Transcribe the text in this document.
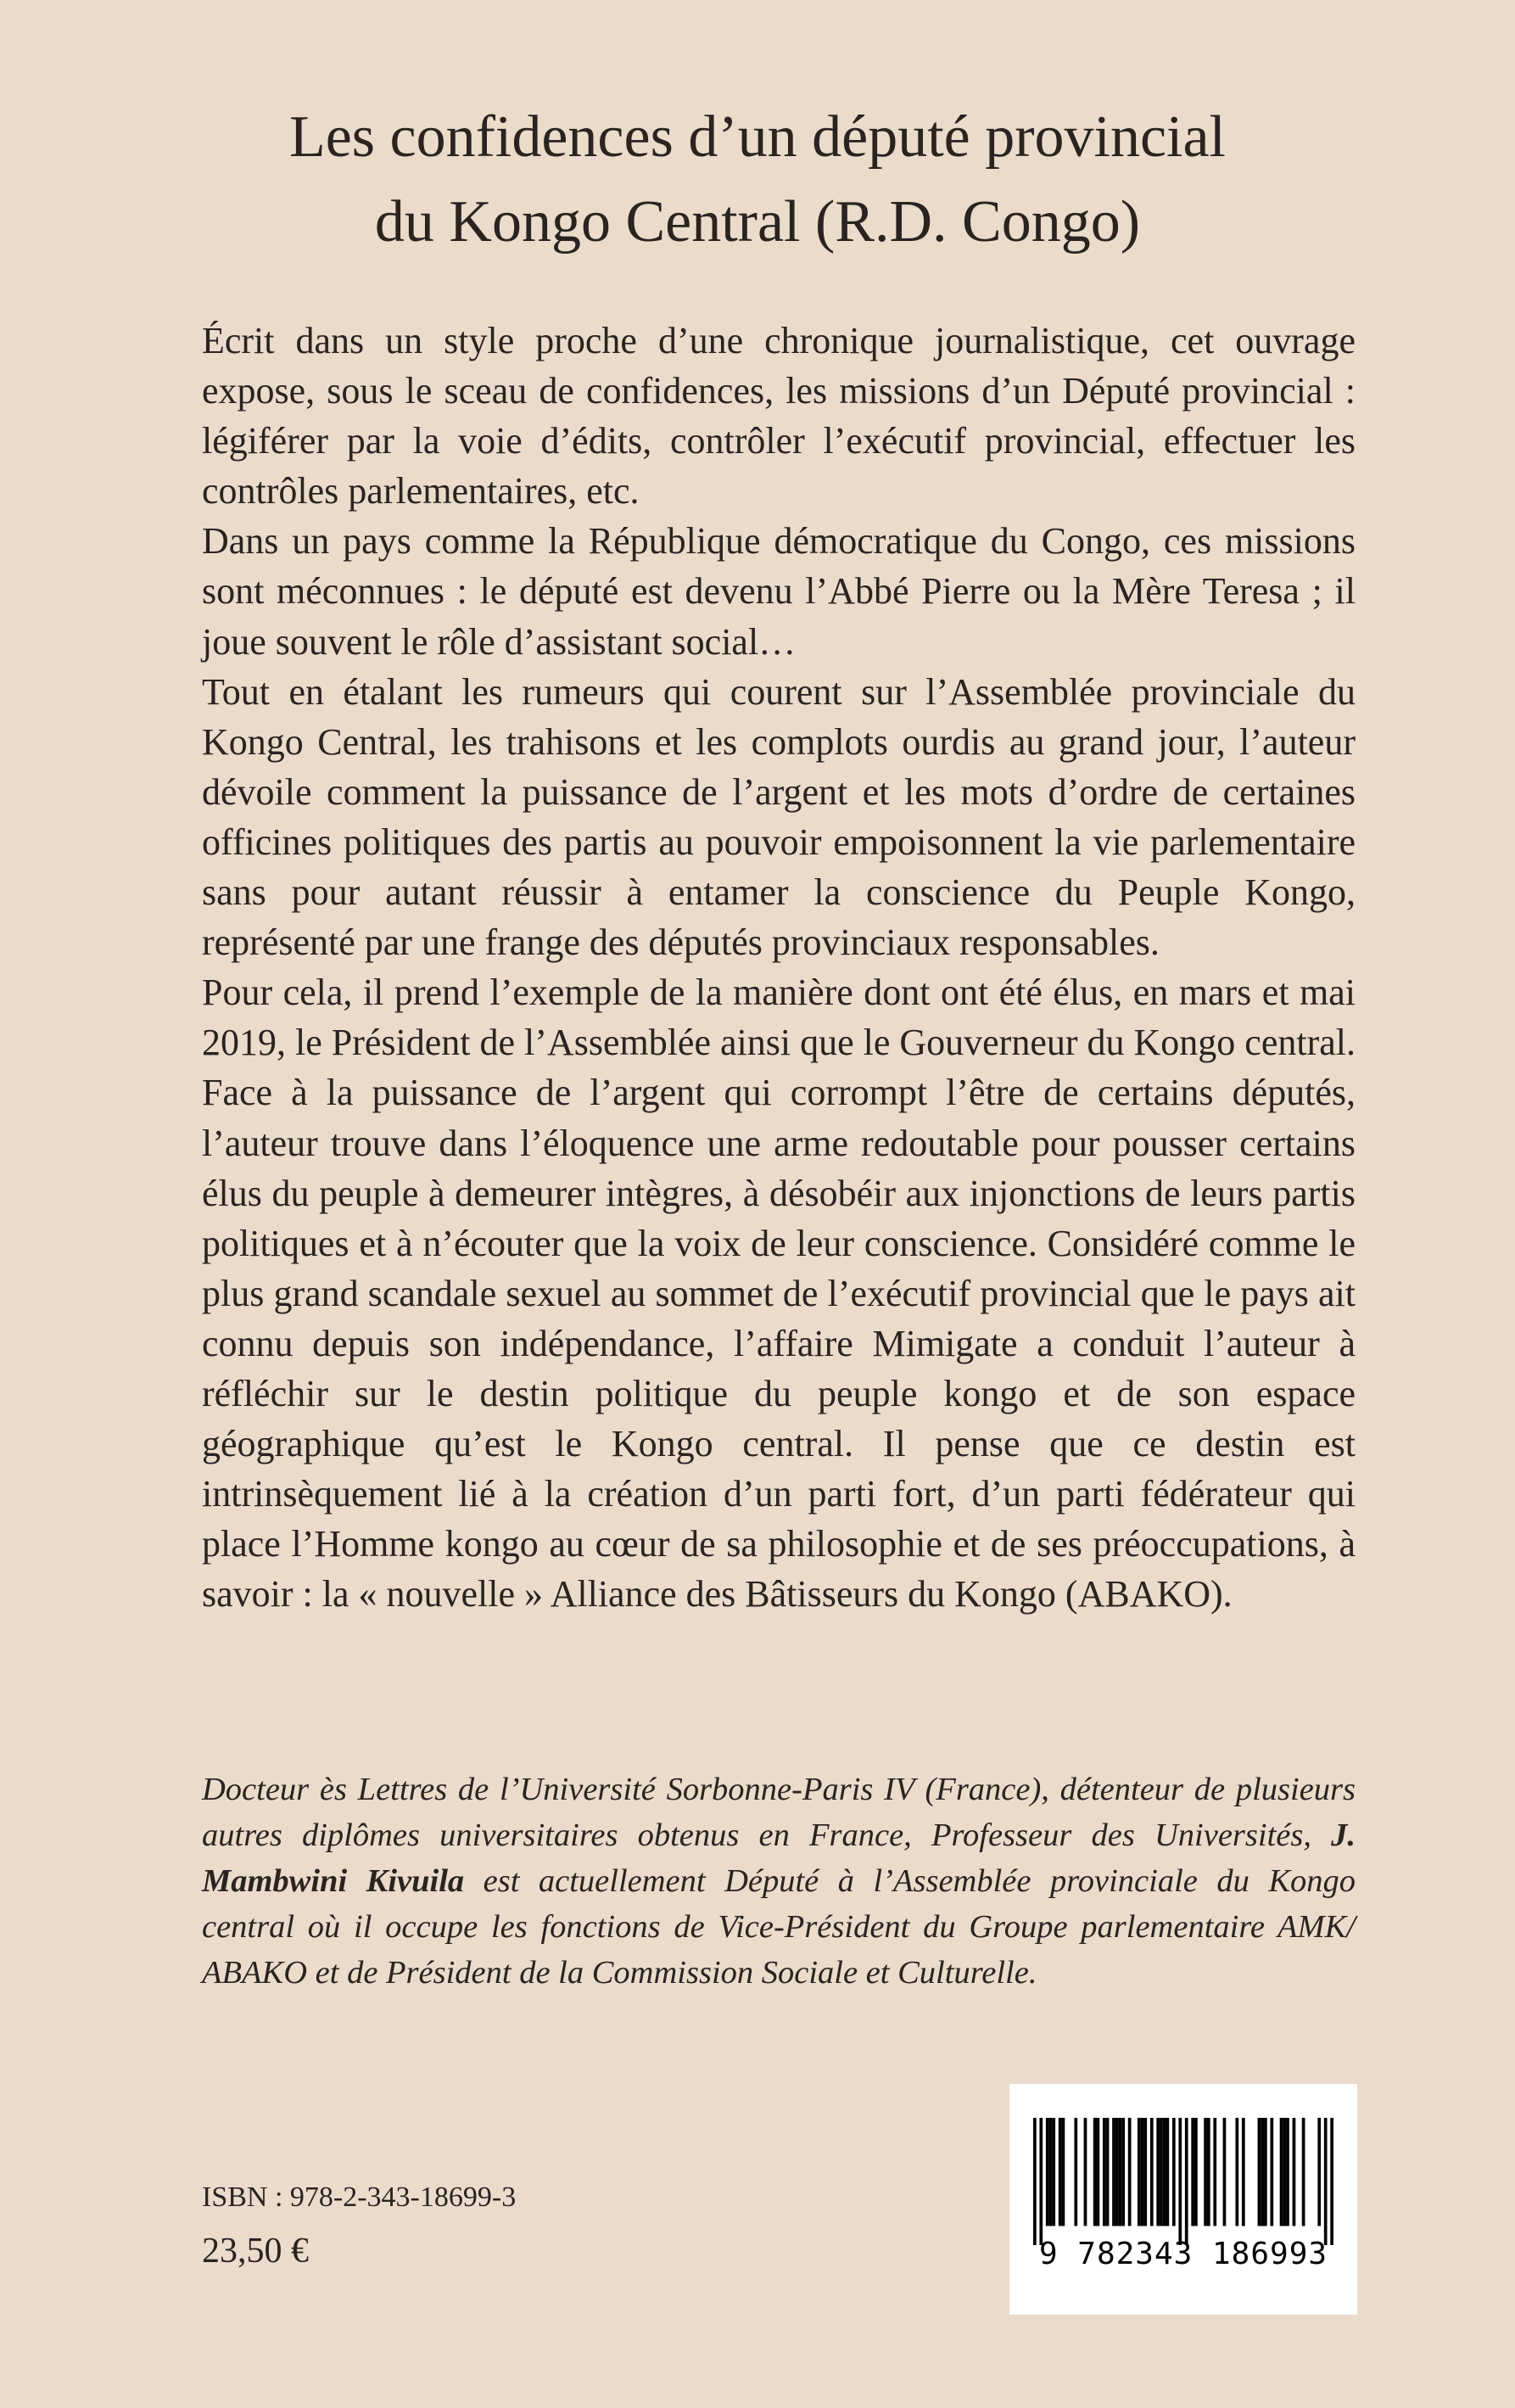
Les confidences d’un député provincial
du Kongo Central (R.D. Congo)

Écrit dans un style proche d’une chronique journalistique, cet ouvrage expose, sous le sceau de confidences, les missions d’un Député provincial : légiférer par la voie d’édits, contrôler l’exécutif provincial, effectuer les contrôles parlementaires, etc.

Dans un pays comme la République démocratique du Congo, ces missions sont méconnues : le député est devenu l’Abbé Pierre ou la Mère Teresa ; il joue souvent le rôle d’assistant social…

Tout en étalant les rumeurs qui courent sur l’Assemblée provinciale du Kongo Central, les trahisons et les complots ourdis au grand jour, l’auteur dévoile comment la puissance de l’argent et les mots d’ordre de certaines officines politiques des partis au pouvoir empoisonnent la vie parlementaire sans pour autant réussir à entamer la conscience du Peuple Kongo, représenté par une frange des députés provinciaux responsables.

Pour cela, il prend l’exemple de la manière dont ont été élus, en mars et mai 2019, le Président de l’Assemblée ainsi que le Gouverneur du Kongo central. Face à la puissance de l’argent qui corrompt l’être de certains députés, l’auteur trouve dans l’éloquence une arme redoutable pour pousser certains élus du peuple à demeurer intègres, à désobéir aux injonctions de leurs partis politiques et à n’écouter que la voix de leur conscience. Considéré comme le plus grand scandale sexuel au sommet de l’exécutif provincial que le pays ait connu depuis son indépendance, l’affaire Mimigate a conduit l’auteur à réfléchir sur le destin politique du peuple kongo et de son espace géographique qu’est le Kongo central. Il pense que ce destin est intrinsèquement lié à la création d’un parti fort, d’un parti fédérateur qui place l’Homme kongo au cœur de sa philosophie et de ses préoccupations, à savoir : la « nouvelle » Alliance des Bâtisseurs du Kongo (ABAKO).

Docteur ès Lettres de l’Université Sorbonne-Paris IV (France), détenteur de plusieurs autres diplômes universitaires obtenus en France, Professeur des Universités, J. Mambwini Kivuila est actuellement Député à l’Assemblée provinciale du Kongo central où il occupe les fonctions de Vice-Président du Groupe parlementaire AMK/ ABAKO et de Président de la Commission Sociale et Culturelle.

ISBN : 978-2-343-18699-3
23,50 €	9 782343 186993
